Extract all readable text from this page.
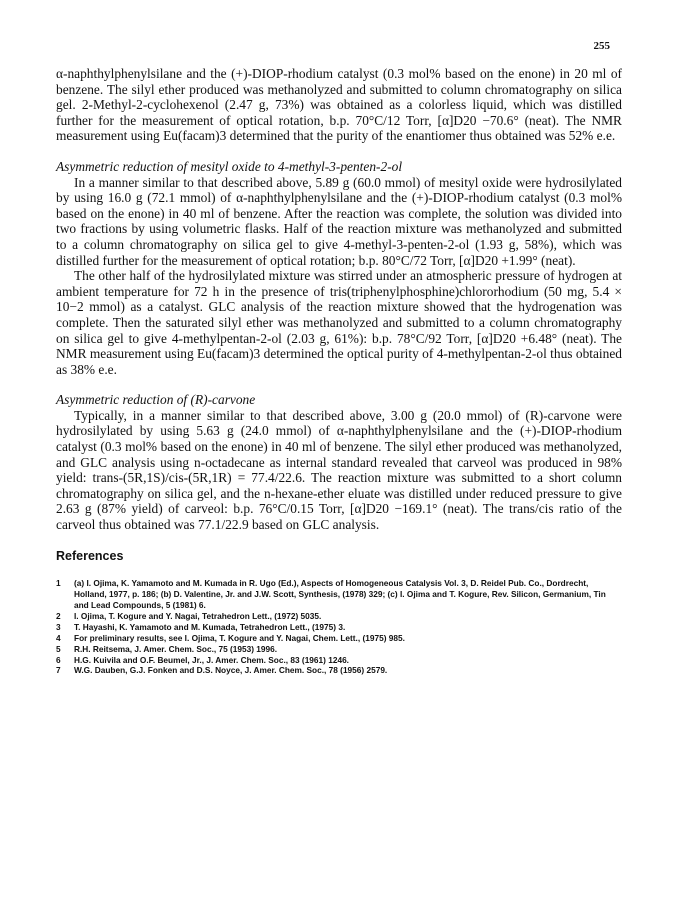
255

α-naphthylphenylsilane and the (+)-DIOP-rhodium catalyst (0.3 mol% based on the enone) in 20 ml of benzene. The silyl ether produced was methanolyzed and submitted to column chromatography on silica gel. 2-Methyl-2-cyclohexenol (2.47 g, 73%) was obtained as a colorless liquid, which was distilled further for the measurement of optical rotation, b.p. 70°C/12 Torr, [α]D20 −70.6° (neat). The NMR measurement using Eu(facam)3 determined that the purity of the enantiomer thus obtained was 52% e.e.

Asymmetric reduction of mesityl oxide to 4-methyl-3-penten-2-ol

In a manner similar to that described above, 5.89 g (60.0 mmol) of mesityl oxide were hydrosilylated by using 16.0 g (72.1 mmol) of α-naphthylphenylsilane and the (+)-DIOP-rhodium catalyst (0.3 mol% based on the enone) in 40 ml of benzene. After the reaction was complete, the solution was divided into two fractions by using volumetric flasks. Half of the reaction mixture was methanolyzed and submitted to a column chromatography on silica gel to give 4-methyl-3-penten-2-ol (1.93 g, 58%), which was distilled further for the measurement of optical rotation; b.p. 80°C/72 Torr, [α]D20 +1.99° (neat).

The other half of the hydrosilylated mixture was stirred under an atmospheric pressure of hydrogen at ambient temperature for 72 h in the presence of tris(triphenylphosphine)chlororhodium (50 mg, 5.4 × 10−2 mmol) as a catalyst. GLC analysis of the reaction mixture showed that the hydrogenation was complete. Then the saturated silyl ether was methanolyzed and submitted to a column chromatography on silica gel to give 4-methylpentan-2-ol (2.03 g, 61%): b.p. 78°C/92 Torr, [α]D20 +6.48° (neat). The NMR measurement using Eu(facam)3 determined the optical purity of 4-methylpentan-2-ol thus obtained as 38% e.e.

Asymmetric reduction of (R)-carvone

Typically, in a manner similar to that described above, 3.00 g (20.0 mmol) of (R)-carvone were hydrosilylated by using 5.63 g (24.0 mmol) of α-naphthylphenylsilane and the (+)-DIOP-rhodium catalyst (0.3 mol% based on the enone) in 40 ml of benzene. The silyl ether produced was methanolyzed, and GLC analysis using n-octadecane as internal standard revealed that carveol was produced in 98% yield: trans-(5R,1S)/cis-(5R,1R) = 77.4/22.6. The reaction mixture was submitted to a short column chromatography on silica gel, and the n-hexane-ether eluate was distilled under reduced pressure to give 2.63 g (87% yield) of carveol: b.p. 76°C/0.15 Torr, [α]D20 −169.1° (neat). The trans/cis ratio of the carveol thus obtained was 77.1/22.9 based on GLC analysis.

References
1	(a) I. Ojima, K. Yamamoto and M. Kumada in R. Ugo (Ed.), Aspects of Homogeneous Catalysis Vol. 3, D. Reidel Pub. Co., Dordrecht, Holland, 1977, p. 186; (b) D. Valentine, Jr. and J.W. Scott, Synthesis, (1978) 329; (c) I. Ojima and T. Kogure, Rev. Silicon, Germanium, Tin and Lead Compounds, 5 (1981) 6.
2	I. Ojima, T. Kogure and Y. Nagai, Tetrahedron Lett., (1972) 5035.
3	T. Hayashi, K. Yamamoto and M. Kumada, Tetrahedron Lett., (1975) 3.
4	For preliminary results, see I. Ojima, T. Kogure and Y. Nagai, Chem. Lett., (1975) 985.
5	R.H. Reitsema, J. Amer. Chem. Soc., 75 (1953) 1996.
6	H.G. Kuivila and O.F. Beumel, Jr., J. Amer. Chem. Soc., 83 (1961) 1246.
7	W.G. Dauben, G.J. Fonken and D.S. Noyce, J. Amer. Chem. Soc., 78 (1956) 2579.
